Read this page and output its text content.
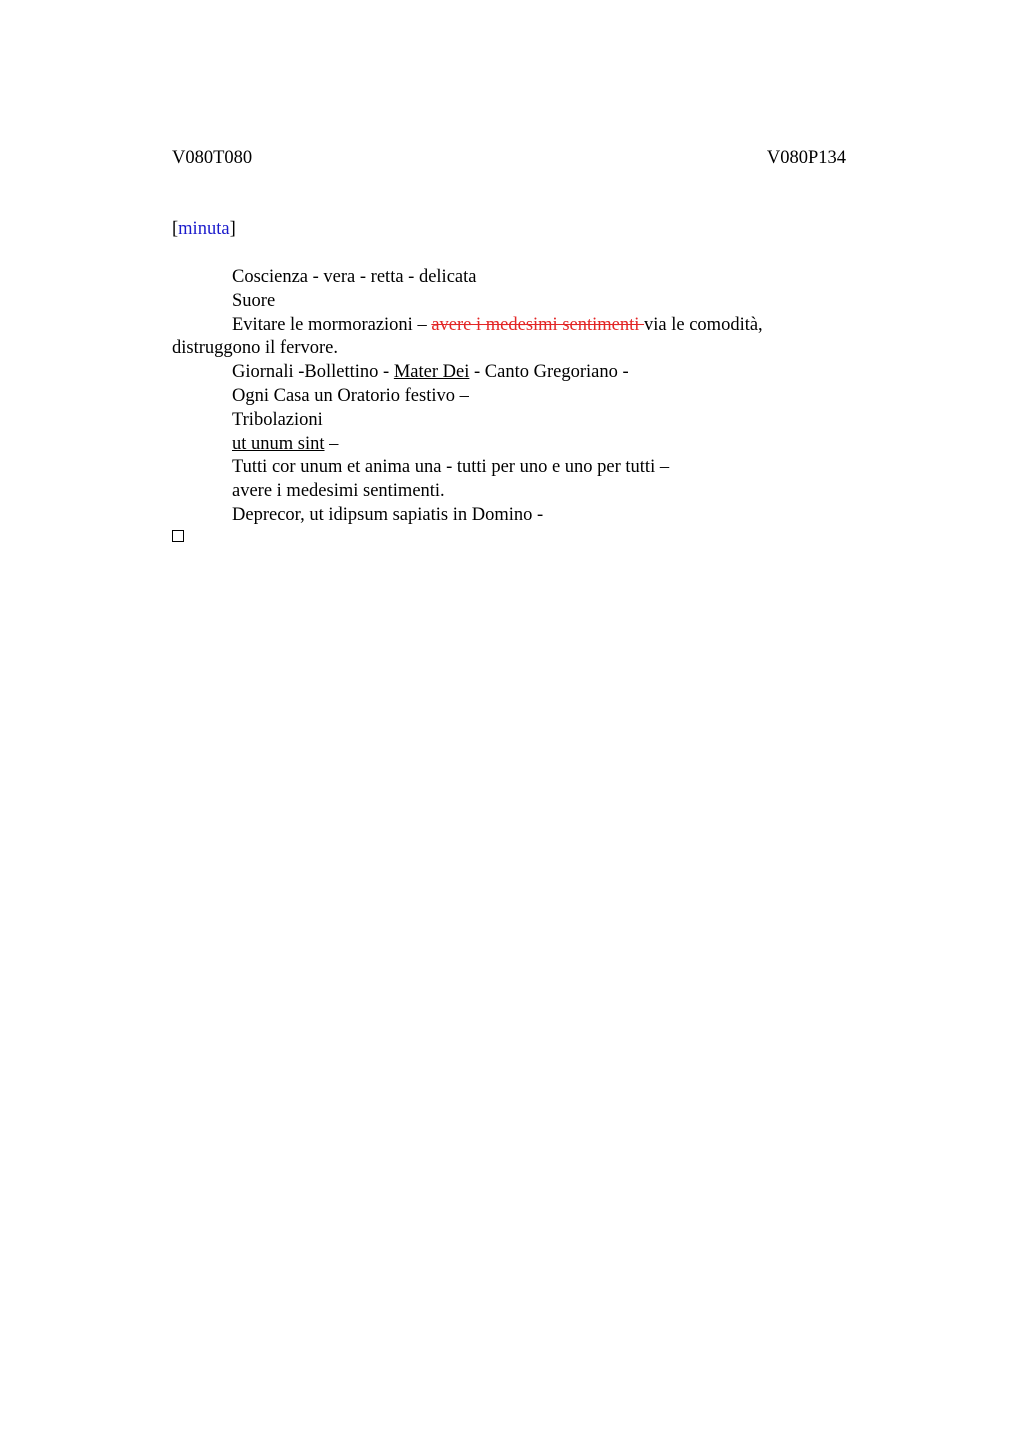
V080T080	V080P134
[minuta]

Coscienza - vera - retta - delicata

Suore

Evitare le mormorazioni – avere i medesimi sentimenti via le comodità, distruggono il fervore.

Giornali -Bollettino - Mater Dei - Canto Gregoriano -

Ogni Casa un Oratorio festivo –

Tribolazioni

ut unum sint –

Tutti cor unum et anima una - tutti per uno e uno per tutti –

avere i medesimi sentimenti.

Deprecor, ut idipsum sapiatis in Domino -
